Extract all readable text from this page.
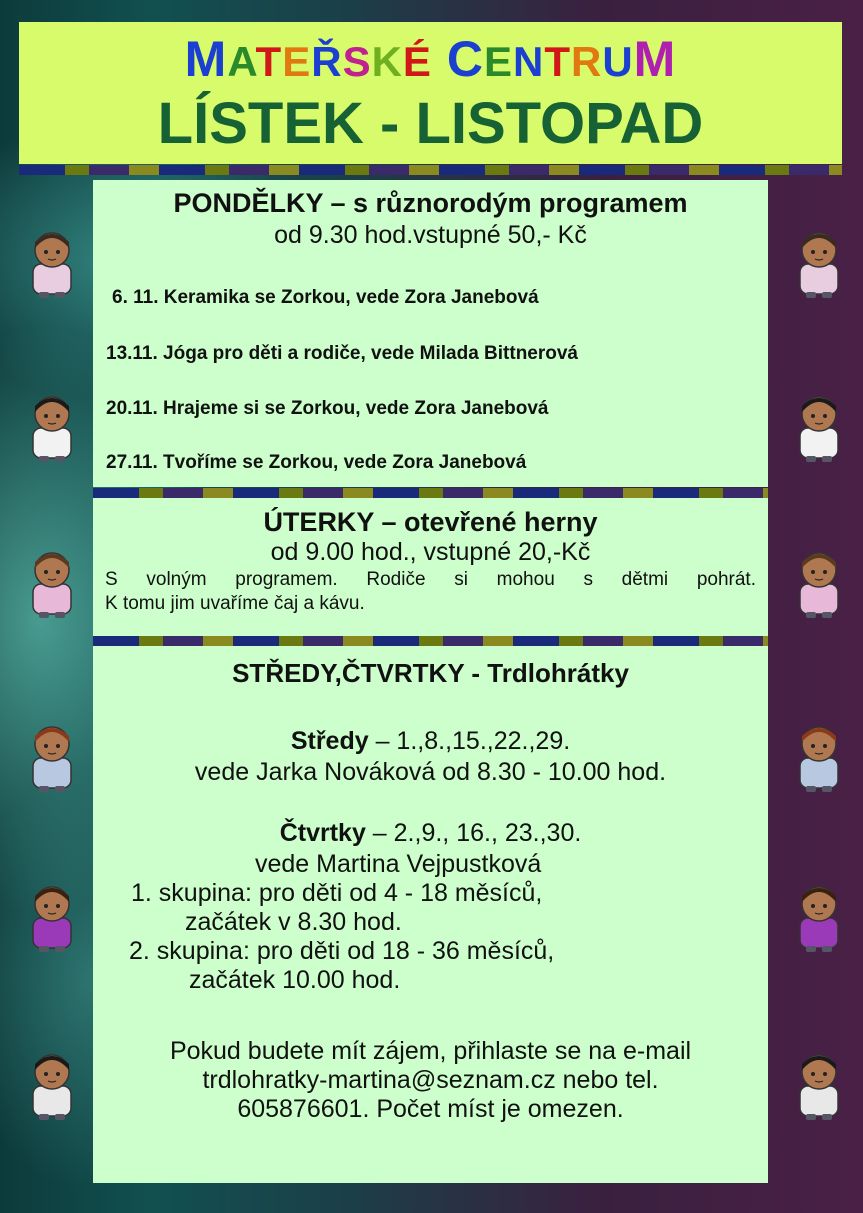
MATEŘSKÉ CENTRUM
LÍSTEK - LISTOPAD
PONDĚLKY – s různorodým programem
od 9.30 hod.vstupné 50,- Kč
6. 11. Keramika se Zorkou, vede Zora Janebová
13.11. Jóga pro děti a rodiče, vede Milada Bittnerová
20.11. Hrajeme si se Zorkou, vede Zora Janebová
27.11. Tvoříme se Zorkou, vede Zora Janebová
ÚTERKY – otevřené herny
od 9.00 hod., vstupné 20,-Kč
S volným programem. Rodiče si mohou s dětmi pohrát.
K tomu jim uvaříme čaj a kávu.
STŘEDY,ČTVRTKY - Trdlohrátky
Středy – 1.,8.,15.,22.,29.
vede Jarka Nováková od 8.30 - 10.00 hod.
Čtvrtky – 2.,9., 16., 23.,30.
vede Martina Vejpustková
1. skupina: pro děti od 4 - 18 měsíců,
začátek v 8.30 hod.
2. skupina: pro děti od 18 - 36 měsíců,
začátek 10.00 hod.
Pokud budete mít zájem, přihlaste se na e-mail
trdlohratky-martina@seznam.cz nebo tel.
605876601. Počet míst je omezen.
